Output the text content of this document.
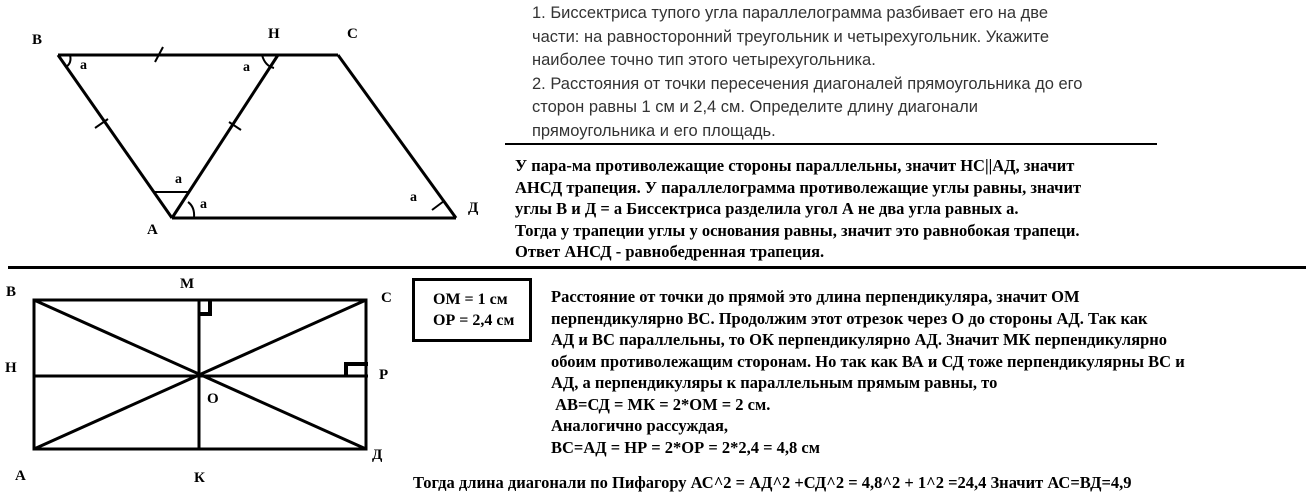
1. Биссектриса тупого угла параллелограмма разбивает его на две
части: на равносторонний треугольник и четырехугольник. Укажите
наиболее точно тип этого четырехугольника.
2. Расстояния от точки пересечения диагоналей прямоугольника до его
сторон равны 1 см и 2,4 см. Определите длину диагонали
прямоугольника и его площадь.
У пара-ма противолежащие стороны параллельны, значит НС||АД, значит
АНСД трапеция. У параллелограмма противолежащие углы равны, значит
углы В и Д = а Биссектриса разделила угол А не два угла равных а.
Тогда у трапеции углы у основания равны, значит это равнобокая трапеци.
Ответ АНСД - равнобедренная трапеция.
В	Н	С
А
Д
а	а
а
а	а
В	М
С
Н	Р
О
А	К
Д
ОМ = 1 см
ОР = 2,4 см
Расстояние от точки до прямой это длина перпендикуляра, значит ОМ
перпендикулярно ВС. Продолжим этот отрезок через О до стороны АД. Так как
АД и ВС параллельны, то ОК перпендикулярно АД. Значит МК перпендикулярно
обоим противолежащим сторонам. Но так как ВА и СД тоже перпендикулярны ВС и
АД, а перпендикуляры к параллельным прямым равны, то
АВ=СД = МК = 2*ОМ = 2 см.
Аналогично рассуждая,
ВС=АД = НР = 2*ОР = 2*2,4 = 4,8 см
Тогда длина диагонали по Пифагору АС^2 = АД^2 +СД^2 = 4,8^2 + 1^2 =24,4 Значит АС=ВД=4,9
